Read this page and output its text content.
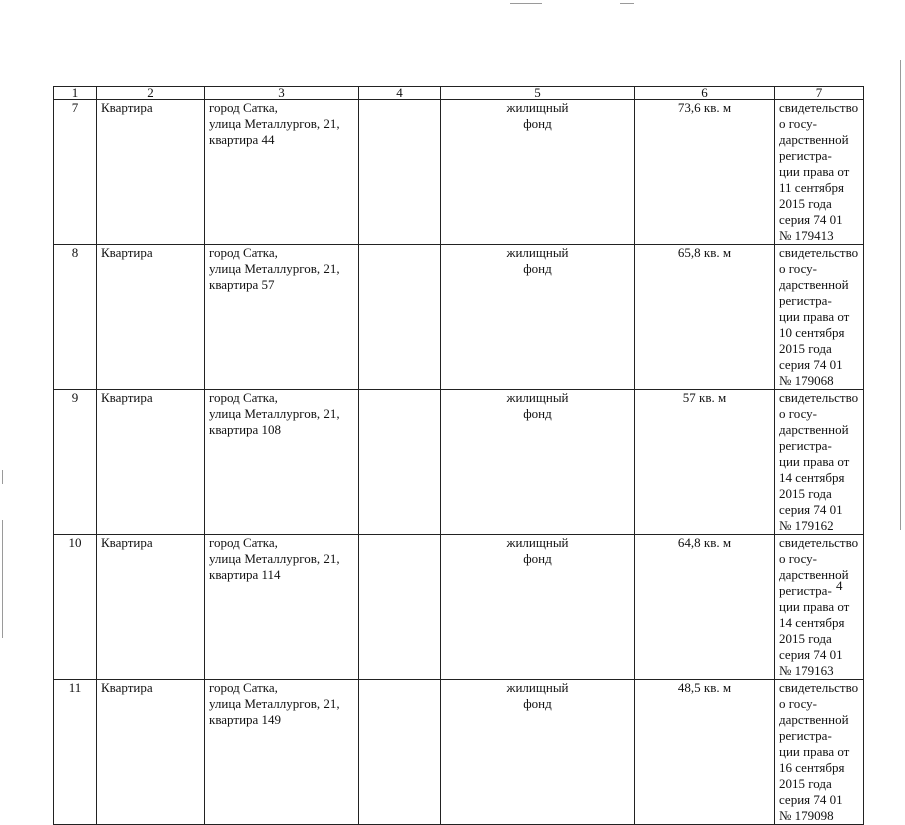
1	2	3	4	5	6	7
7	Квартира	город Сатка,
улица Металлургов, 21,
квартира 44		жилищный
фонд	73,6 кв. м	свидетельство о госу-
дарственной регистра-
ции права от 11 сентября
2015 года серия 74 01
№ 179413
8	Квартира	город Сатка,
улица Металлургов, 21,
квартира 57		жилищный
фонд	65,8 кв. м	свидетельство о госу-
дарственной регистра-
ции права от 10 сентября
2015 года серия 74 01
№ 179068
9	Квартира	город Сатка,
улица Металлургов, 21,
квартира 108		жилищный
фонд	57 кв. м	свидетельство о госу-
дарственной регистра-
ции права от 14 сентября
2015 года серия 74 01
№ 179162
10	Квартира	город Сатка,
улица Металлургов, 21,
квартира 114		жилищный
фонд	64,8 кв. м	свидетельство о госу-
дарственной регистра-
ции права от 14 сентября
2015 года серия 74 01
№ 179163
11	Квартира	город Сатка,
улица Металлургов, 21,
квартира 149		жилищный
фонд	48,5 кв. м	свидетельство о госу-
дарственной регистра-
ции права от 16 сентября
2015 года серия 74 01
№ 179098
4
